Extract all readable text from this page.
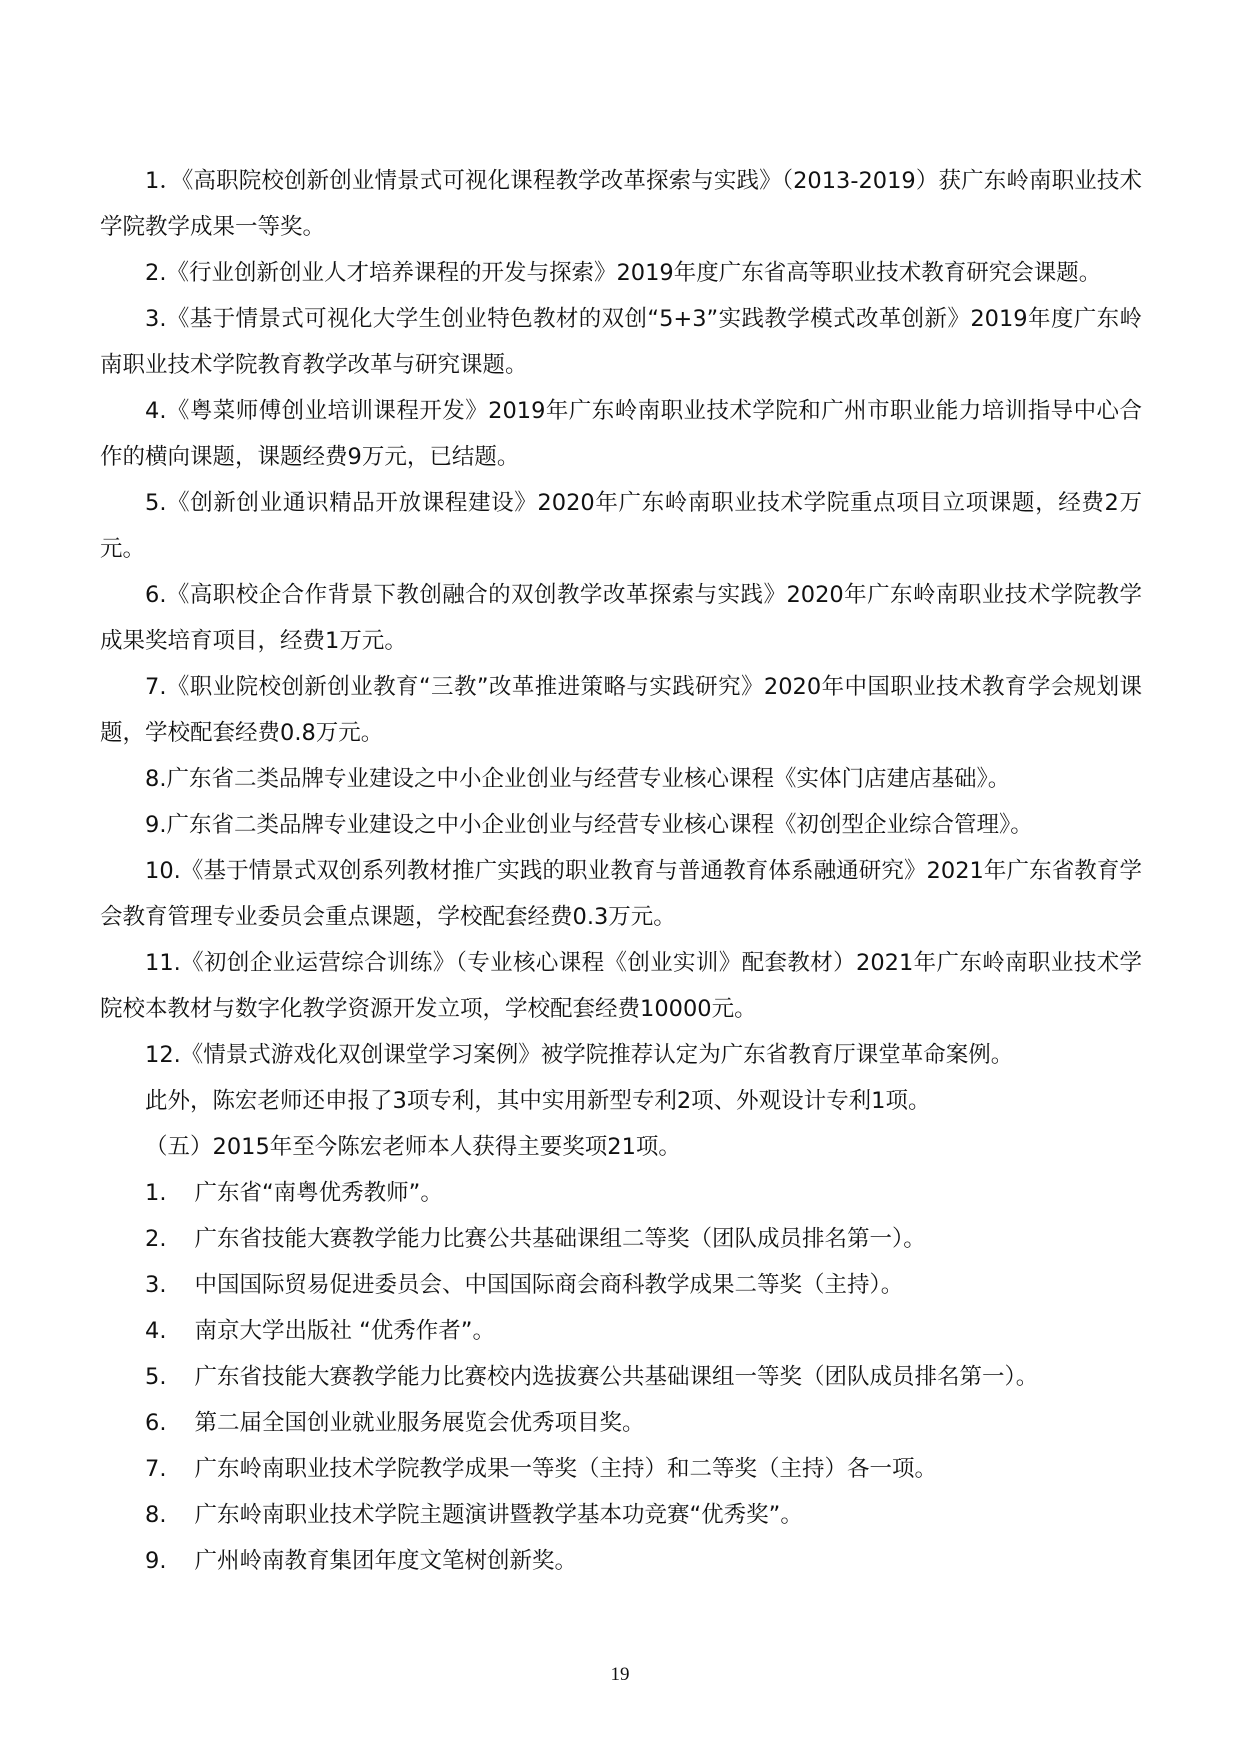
1．《高职院校创新创业情景式可视化课程教学改革探索与实践》（2013-2019）获广东岭南职业技术学院教学成果一等奖。

2.《行业创新创业人才培养课程的开发与探索》2019年度广东省高等职业技术教育研究会课题。

3.《基于情景式可视化大学生创业特色教材的双创“5+3”实践教学模式改革创新》2019年度广东岭南职业技术学院教育教学改革与研究课题。

4.《粤菜师傅创业培训课程开发》2019年广东岭南职业技术学院和广州市职业能力培训指导中心合作的横向课题，课题经费9万元，已结题。

5.《创新创业通识精品开放课程建设》2020年广东岭南职业技术学院重点项目立项课题，经费2万元。

6.《高职校企合作背景下教创融合的双创教学改革探索与实践》2020年广东岭南职业技术学院教学成果奖培育项目，经费1万元。

7.《职业院校创新创业教育“三教”改革推进策略与实践研究》2020年中国职业技术教育学会规划课题，学校配套经费0.8万元。

8.广东省二类品牌专业建设之中小企业创业与经营专业核心课程《实体门店建店基础》。

9.广东省二类品牌专业建设之中小企业创业与经营专业核心课程《初创型企业综合管理》。

10.《基于情景式双创系列教材推广实践的职业教育与普通教育体系融通研究》2021年广东省教育学会教育管理专业委员会重点课题，学校配套经费0.3万元。

11.《初创企业运营综合训练》（专业核心课程《创业实训》配套教材）2021年广东岭南职业技术学院校本教材与数字化教学资源开发立项，学校配套经费10000元。

12.《情景式游戏化双创课堂学习案例》被学院推荐认定为广东省教育厅课堂革命案例。

此外，陈宏老师还申报了3项专利，其中实用新型专利2项、外观设计专利1项。

（五）2015年至今陈宏老师本人获得主要奖项21项。

1. 广东省“南粤优秀教师”。

2. 广东省技能大赛教学能力比赛公共基础课组二等奖（团队成员排名第一）。

3. 中国国际贸易促进委员会、中国国际商会商科教学成果二等奖（主持）。

4. 南京大学出版社 “优秀作者”。

5. 广东省技能大赛教学能力比赛校内选拔赛公共基础课组一等奖（团队成员排名第一）。

6. 第二届全国创业就业服务展览会优秀项目奖。

7. 广东岭南职业技术学院教学成果一等奖（主持）和二等奖（主持）各一项。

8. 广东岭南职业技术学院主题演讲暨教学基本功竞赛“优秀奖”。

9. 广州岭南教育集团年度文笔树创新奖。

19
